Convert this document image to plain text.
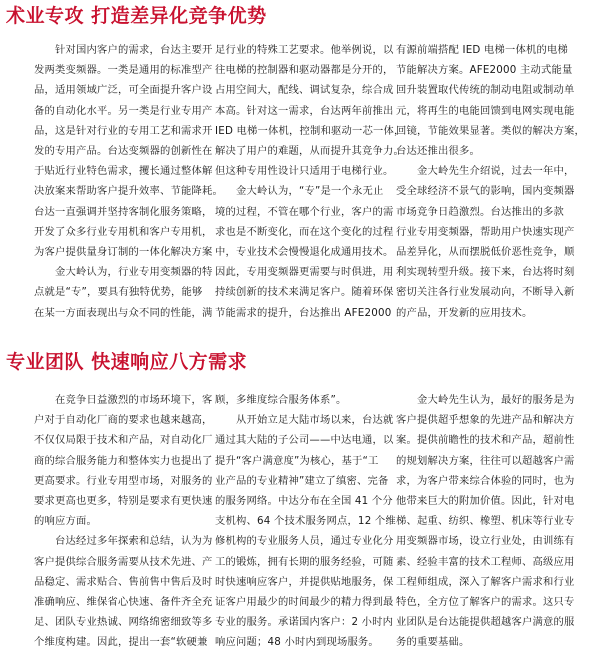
术业专攻 打造差异化竞争优势

　　针对国内客户的需求，台达主要开

发两类变频器。一类是通用的标准型产

品，适用领域广泛，可全面提升客户设

备的自动化水平。另一类是行业专用产

品，这是针对行业的专用工艺和需求开

发的专用产品。台达变频器的创新性在

于贴近行业特色需求，攫长通过整体解

决放案来帮助客户提升效率、节能降耗。

台达一直强调并坚持客制化服务策略，

开发了众多行业专用机和客户专用机，

为客户提供量身订制的一体化解决方案

　　金大岭认为，行业专用变频器的特

点就是“专”，要具有独特优势，能够

在某一方面表现出与众不同的性能，满

足行业的特殊工艺要求。他举例说，以

往电梯的控制器和驱动器都是分开的，

占用空间大，配线、调试复杂，综合成

本高。针对这一需求，台达两年前推出

IED 电梯一体机，控制和驱动一芯一体，

解决了用户的难题，从而提升其竞争力。

但这种专用性设计只适用于电梯行业。

　　金大岭认为，“专”是一个永无止

境的过程，不管在哪个行业，客户的需

求也是不断变化，而在这个变化的过程

中，专业技术会慢慢退化成通用技术。

因此，专用变频器更需要与时俱进，用

持续创新的技术来满足客户。随着环保

节能需求的提升，台达推出 AFE2000

有源前端搭配 IED 电梯一体机的电梯

节能解决方案。AFE2000 主动式能量

回升装置取代传统的制动电阻或制动单

元，将再生的电能回馈到电网实现电能

回镜，节能效果显著。类似的解决方案，

台达还推出很多。

　　金大岭先生介绍说，过去一年中，

受全球经济不景气的影响，国内变频器

市场竞争日趋激烈。台达推出的多款

行业专用变频器，帮助用户快速实现产

品差异化，从而摆脱低价恶性竞争，顺

利实现转型升级。接下来，台达将时刻

密切关注各行业发展动向，不断导入新

的产品，开发新的应用技术。

专业团队 快速响应八方需求

　　在竞争日益激烈的市场环境下，客

户对于自动化厂商的要求也越来越高，

不仅仅局限于技术和产品，对自动化厂

商的综合服务能力和整体实力也提出了

更高要求。行业专用型市场，对服务的

要求更高也更多，特别是要求有更快速

的响应方面。

　　台达经过多年探索和总结，认为为

客户提供综合服务需要从技术先进、产

品稳定、需求贴合、售前售中售后及时

准确响应、维保省心快速、备件齐全充

足、团队专业热诚、网络绵密细致等多

个维度构建。因此，提出一套“软硬兼

顾，多维度综合服务体系”。

　　从开始立足大陆市场以来，台达就

通过其大陆的子公司——中达电通，以

提升“客户满意度”为核心，基于“工

业产品的专业精神”建立了缜密、完备

的服务网络。中达分布在全国 41 个分

支机构、64 个技术服务网点，12 个维

修机构的专业服务人员，通过专业化分

工的锻炼，拥有长期的服务经验，可随

时快速响应客户，并提供贴地服务，保

证客户用最少的时间最少的精力得到最

专业的服务。承诺国内客户：2 小时内

响应问题；48 小时内到现场服务。

　　金大岭先生认为，最好的服务是为

客户提供超乎想象的先进产品和解决方

案。提供前瞻性的技术和产品，超前性

的规划解决方案，往往可以超越客户需

求，为客户带来综合体验的同时，也为

他带来巨大的附加价值。因此，针对电

梯、起重、纺织、橡塑、机床等行业专

用变频器市场，设立行业处，由训练有

素、经验丰富的技术工程师、高级应用

工程师组成，深入了解客户需求和行业

特色，全方位了解客户的需求。这只专

业团队是台达能提供超越客户满意的服

务的重要基础。
